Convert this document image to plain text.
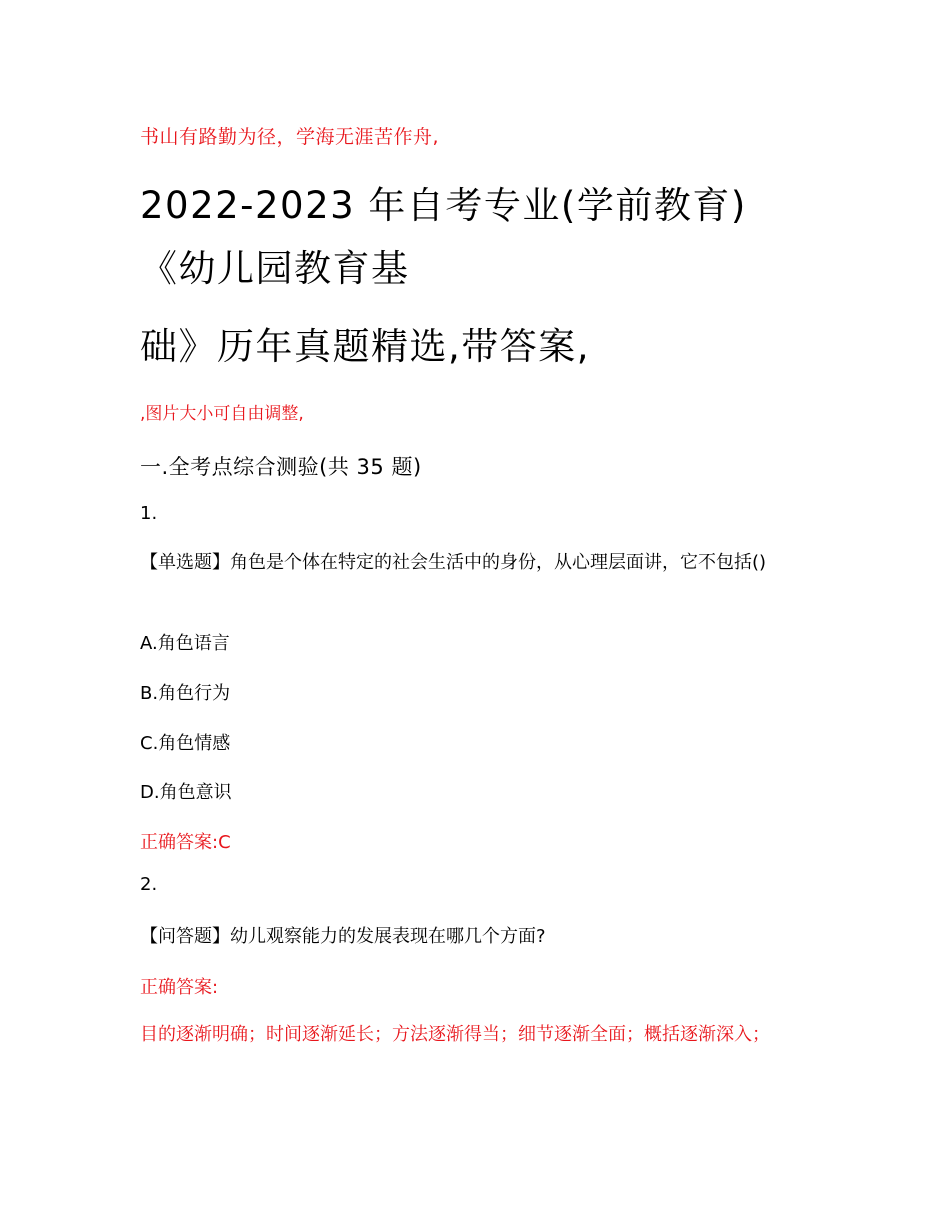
书山有路勤为径，学海无涯苦作舟,

2022-2023 年自考专业(学前教育)
《幼儿园教育基
础》历年真题精选,带答案,

,图片大小可自由调整,

一.全考点综合测验(共 35 题)

1.

【单选题】角色是个体在特定的社会生活中的身份，从心理层面讲，它不包括()

A.角色语言

B.角色行为

C.角色情感

D.角色意识

正确答案:C

2.

【问答题】幼儿观察能力的发展表现在哪几个方面?

正确答案:

目的逐渐明确；时间逐渐延长；方法逐渐得当；细节逐渐全面；概括逐渐深入；
